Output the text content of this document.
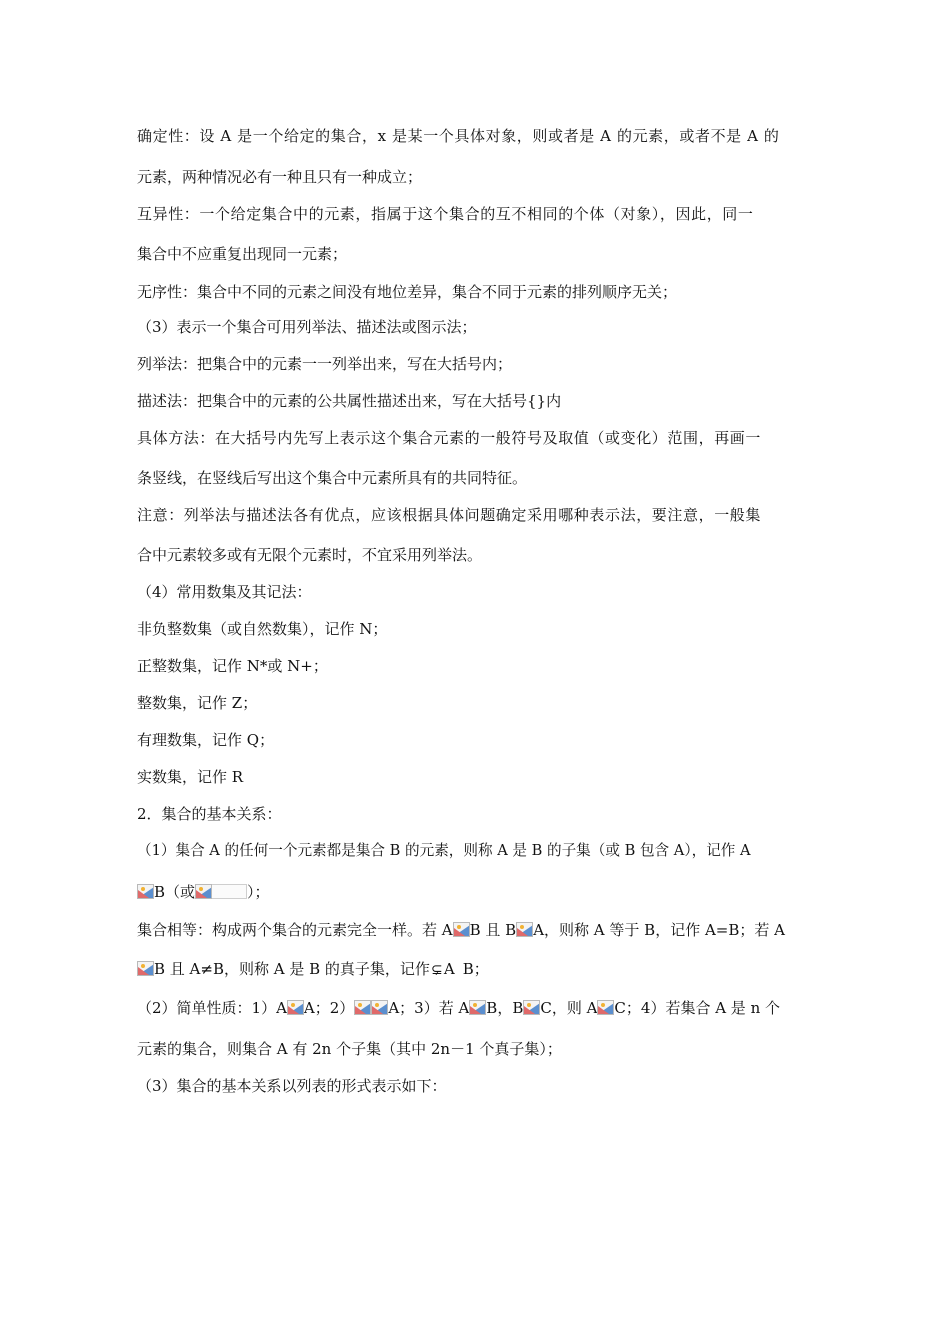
确定性：设 A 是一个给定的集合，x 是某一个具体对象，则或者是 A 的元素，或者不是 A 的
元素，两种情况必有一种且只有一种成立；
互异性：一个给定集合中的元素，指属于这个集合的互不相同的个体（对象），因此，同一
集合中不应重复出现同一元素；
无序性：集合中不同的元素之间没有地位差异，集合不同于元素的排列顺序无关；
（3）表示一个集合可用列举法、描述法或图示法；
列举法：把集合中的元素一一列举出来，写在大括号内；
描述法：把集合中的元素的公共属性描述出来，写在大括号{}内
具体方法：在大括号内先写上表示这个集合元素的一般符号及取值（或变化）范围，再画一
条竖线，在竖线后写出这个集合中元素所具有的共同特征。
注意：列举法与描述法各有优点，应该根据具体问题确定采用哪种表示法，要注意，一般集
合中元素较多或有无限个元素时，不宜采用列举法。
（4）常用数集及其记法：
非负整数集（或自然数集），记作 N；
正整数集，记作 N*或 N+；
整数集，记作 Z；
有理数集，记作 Q；
实数集，记作 R
2．集合的基本关系：
（1）集合 A 的任何一个元素都是集合 B 的元素，则称 A 是 B 的子集（或 B 包含 A），记作 A
B（或	）；
集合相等：构成两个集合的元素完全一样。若 A B 且 B A，则称 A 等于 B，记作 A=B；若 A
B 且 A≠B，则称 A 是 B 的真子集，记作⊊A B；
（2）简单性质：1）A A；2） A；3）若 A B，B C，则 A C；4）若集合 A 是 n 个
元素的集合，则集合 A 有 2n 个子集（其中 2n－1 个真子集）；
（3）集合的基本关系以列表的形式表示如下：
